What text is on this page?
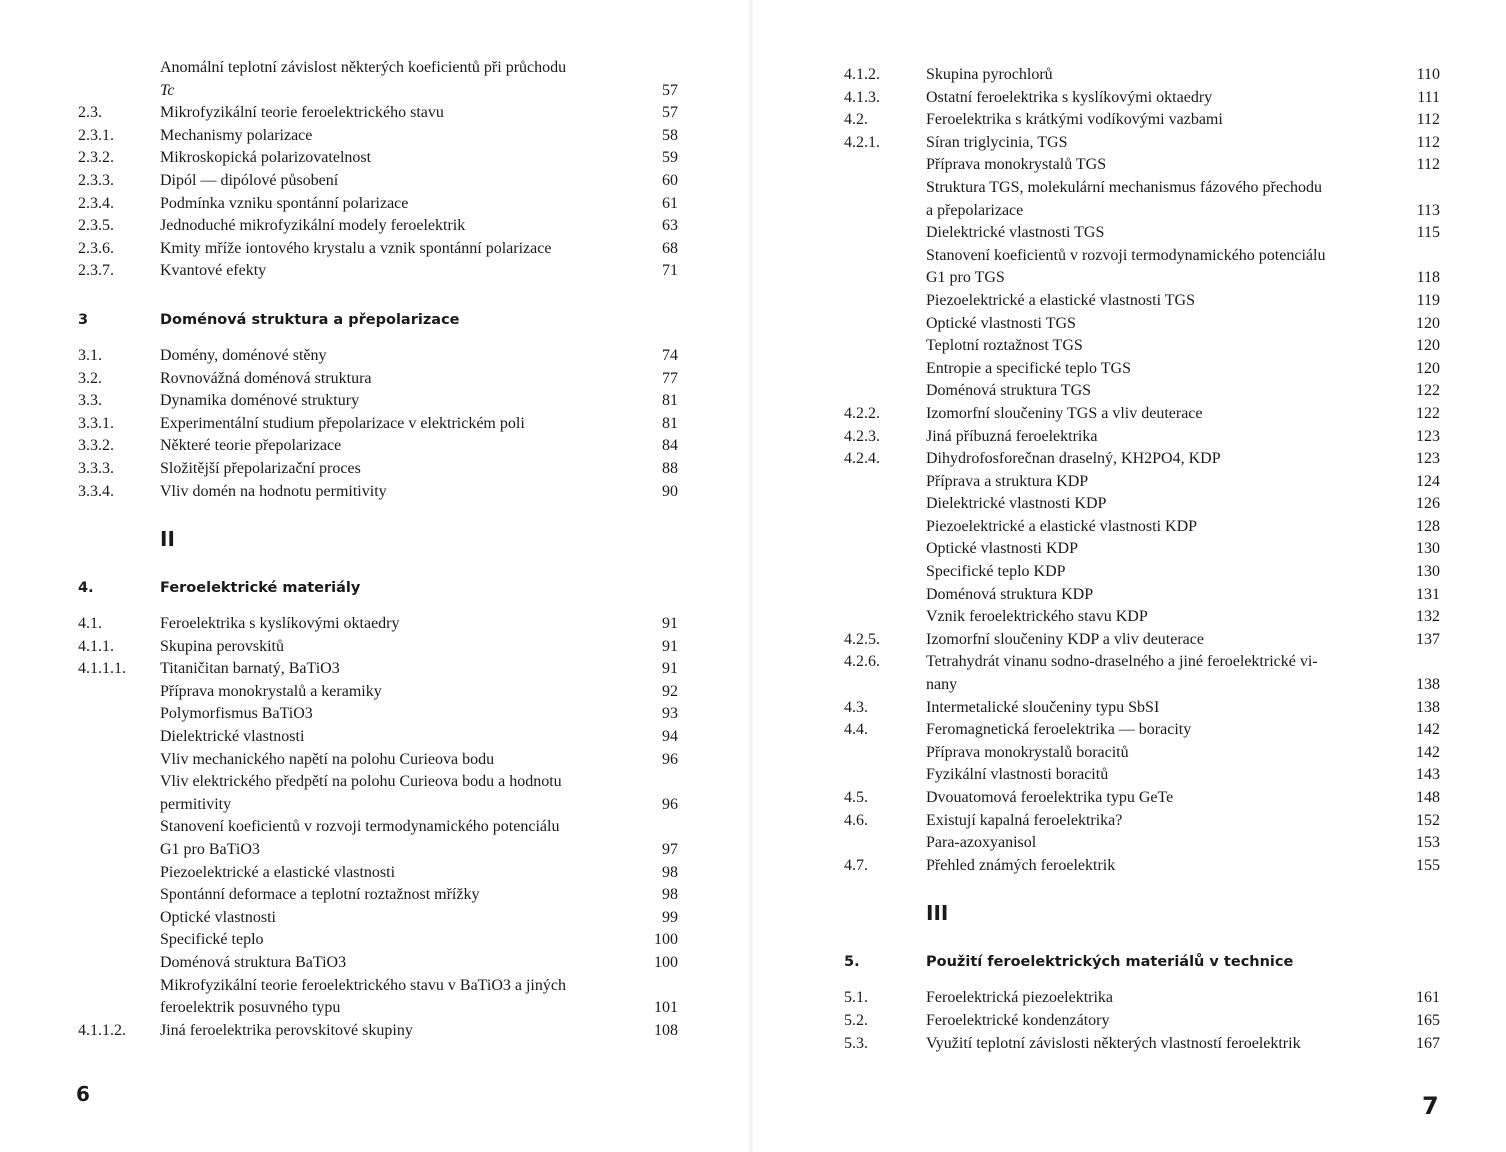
Anomální teplotní závislost některých koeficientů při průchodu
Tc	57
2.3.	Mikrofyzikální teorie feroelektrického stavu	57
2.3.1.	Mechanismy polarizace	58
2.3.2.	Mikroskopická polarizovatelnost	59
2.3.3.	Dipól — dipólové působení	60
2.3.4.	Podmínka vzniku spontánní polarizace	61
2.3.5.	Jednoduché mikrofyzikální modely feroelektrik	63
2.3.6.	Kmity mříže iontového krystalu a vznik spontánní polarizace	68
2.3.7.	Kvantové efekty	71
3	Doménová struktura a přepolarizace
3.1.	Domény, doménové stěny	74
3.2.	Rovnovážná doménová struktura	77
3.3.	Dynamika doménové struktury	81
3.3.1.	Experimentální studium přepolarizace v elektrickém poli	81
3.3.2.	Některé teorie přepolarizace	84
3.3.3.	Složitější přepolarizační proces	88
3.3.4.	Vliv domén na hodnotu permitivity	90
II
4.	Feroelektrické materiály
4.1.	Feroelektrika s kyslíkovými oktaedry	91
4.1.1.	Skupina perovskitů	91
4.1.1.1.	Titaničitan barnatý, BaTiO3	91
Příprava monokrystalů a keramiky	92
Polymorfismus BaTiO3	93
Dielektrické vlastnosti	94
Vliv mechanického napětí na polohu Curieova bodu	96
Vliv elektrického předpětí na polohu Curieova bodu a hodnotu
permitivity	96
Stanovení koeficientů v rozvoji termodynamického potenciálu
G1 pro BaTiO3	97
Piezoelektrické a elastické vlastnosti	98
Spontánní deformace a teplotní roztažnost mřížky	98
Optické vlastnosti	99
Specifické teplo	100
Doménová struktura BaTiO3	100
Mikrofyzikální teorie feroelektrického stavu v BaTiO3 a jiných
feroelektrik posuvného typu	101
4.1.1.2.	Jiná feroelektrika perovskitové skupiny	108
6
4.1.2.	Skupina pyrochlorů	110
4.1.3.	Ostatní feroelektrika s kyslíkovými oktaedry	111
4.2.	Feroelektrika s krátkými vodíkovými vazbami	112
4.2.1.	Síran triglycinia, TGS	112
Příprava monokrystalů TGS	112
Struktura TGS, molekulární mechanismus fázového přechodu
a přepolarizace	113
Dielektrické vlastnosti TGS	115
Stanovení koeficientů v rozvoji termodynamického potenciálu
G1 pro TGS	118
Piezoelektrické a elastické vlastnosti TGS	119
Optické vlastnosti TGS	120
Teplotní roztažnost TGS	120
Entropie a specifické teplo TGS	120
Doménová struktura TGS	122
4.2.2.	Izomorfní sloučeniny TGS a vliv deuterace	122
4.2.3.	Jiná příbuzná feroelektrika	123
4.2.4.	Dihydrofosforečnan draselný, KH2PO4, KDP	123
Příprava a struktura KDP	124
Dielektrické vlastnosti KDP	126
Piezoelektrické a elastické vlastnosti KDP	128
Optické vlastnosti KDP	130
Specifické teplo KDP	130
Doménová struktura KDP	131
Vznik feroelektrického stavu KDP	132
4.2.5.	Izomorfní sloučeniny KDP a vliv deuterace	137
4.2.6.	Tetrahydrát vinanu sodno-draselného a jiné feroelektrické vi-
nany	138
4.3.	Intermetalické sloučeniny typu SbSI	138
4.4.	Feromagnetická feroelektrika — boracity	142
Příprava monokrystalů boracitů	142
Fyzikální vlastnosti boracitů	143
4.5.	Dvouatomová feroelektrika typu GeTe	148
4.6.	Existují kapalná feroelektrika?	152
Para-azoxyanisol	153
4.7.	Přehled známých feroelektrik	155
III
5.	Použití feroelektrických materiálů v technice
5.1.	Feroelektrická piezoelektrika	161
5.2.	Feroelektrické kondenzátory	165
5.3.	Využití teplotní závislosti některých vlastností feroelektrik	167
7
